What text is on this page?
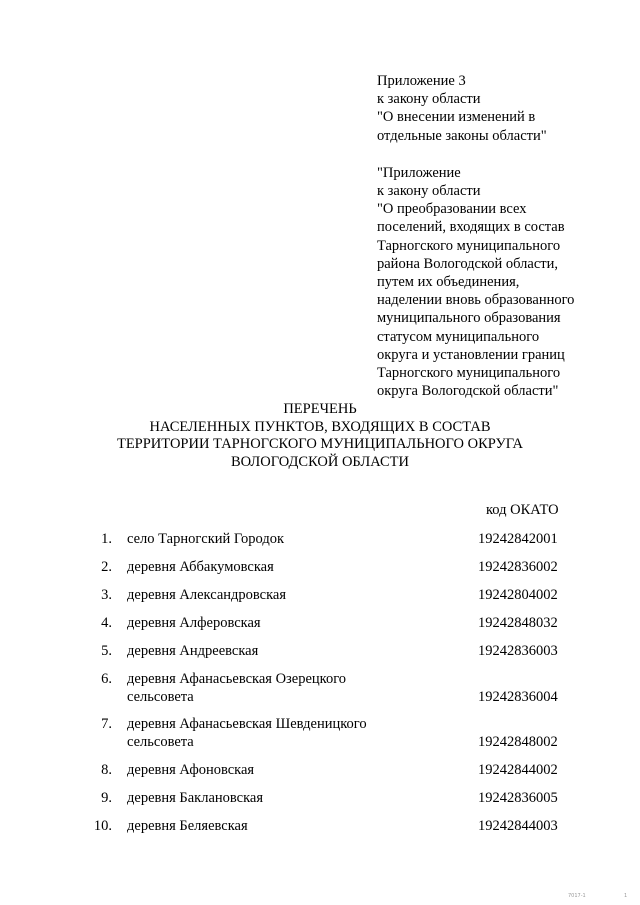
Приложение 3
к закону области
"О внесении изменений в
отдельные законы области"
"Приложение
к закону области
"О преобразовании всех
поселений, входящих в состав
Тарногского муниципального
района Вологодской области,
путем их объединения,
наделении вновь образованного
муниципального образования
статусом муниципального
округа и установлении границ
Тарногского муниципального
округа Вологодской области"
ПЕРЕЧЕНЬ
НАСЕЛЕННЫХ ПУНКТОВ, ВХОДЯЩИХ В СОСТАВ
ТЕРРИТОРИИ ТАРНОГСКОГО МУНИЦИПАЛЬНОГО ОКРУГА
ВОЛОГОДСКОЙ ОБЛАСТИ
код ОКАТО
1. село Тарногский Городок	19242842001
2. деревня Аббакумовская	19242836002
3. деревня Александровская	19242804002
4. деревня Алферовская	19242848032
5. деревня Андреевская	19242836003
6. деревня Афанасьевская Озерецкого
сельсовета	19242836004
7. деревня Афанасьевская Шевденицкого
сельсовета	19242848002
8. деревня Афоновская	19242844002
9. деревня Баклановская	19242836005
10. деревня Беляевская	19242844003
7017-1	1
